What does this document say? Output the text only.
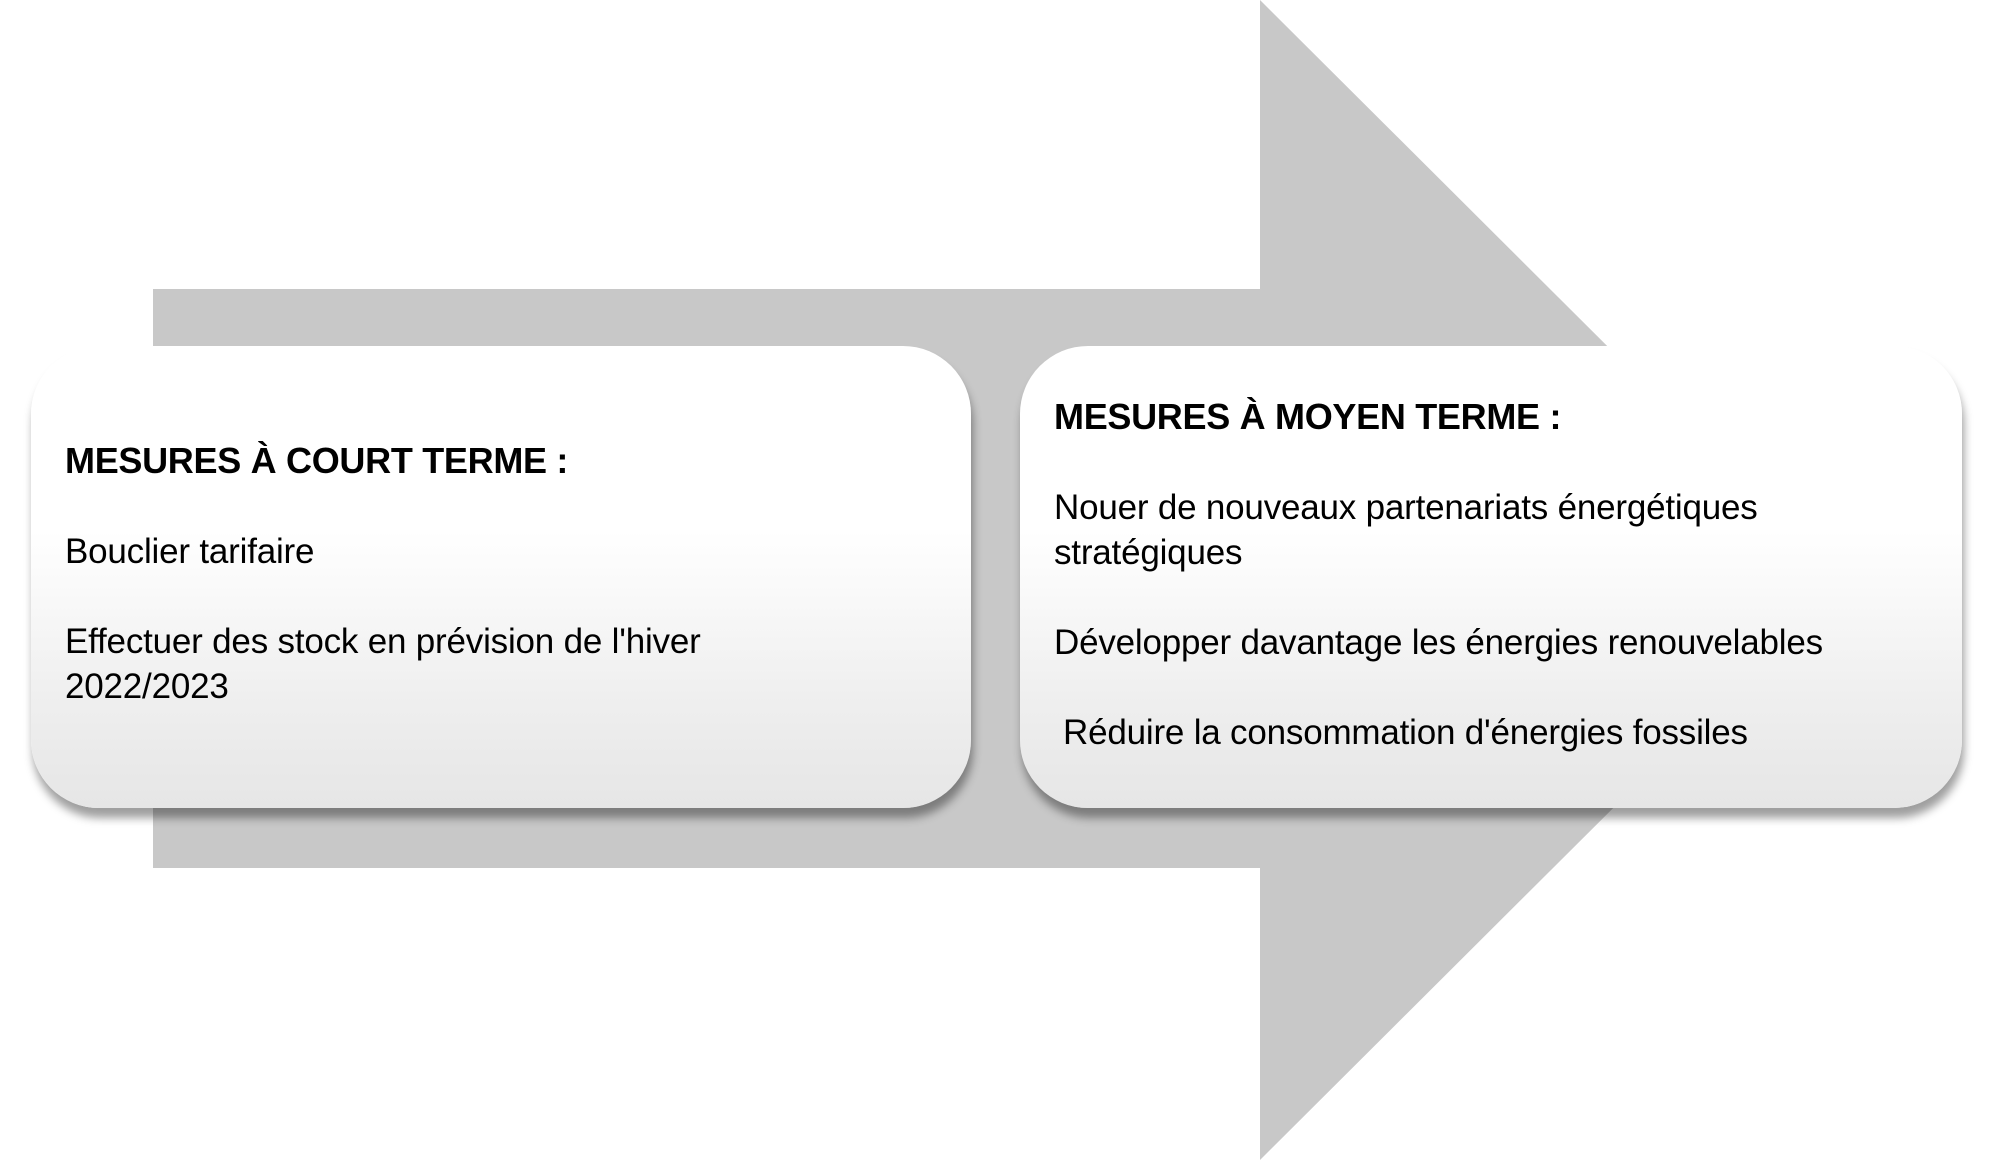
MESURES À COURT TERME :
Bouclier tarifaire
Effectuer des stock en prévision de l'hiver 2022/2023
MESURES À MOYEN TERME :
Nouer de nouveaux partenariats énergétiques stratégiques
Développer davantage les énergies renouvelables
Réduire la consommation d'énergies fossiles
